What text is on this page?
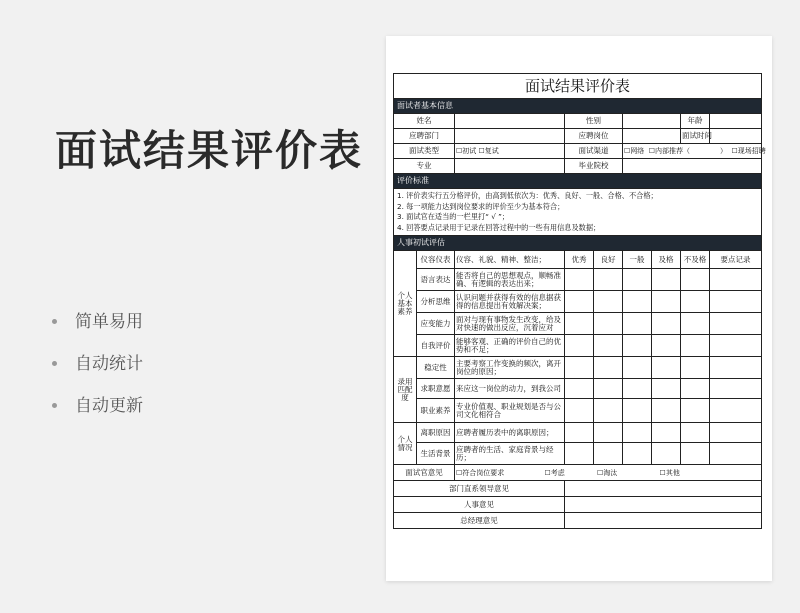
面试结果评价表
简单易用
自动统计
自动更新
面试结果评价表								
面试者基本信息								
姓名			性别				年龄	
应聘部门			应聘岗位				面试时间	
面试类型		☐初试 ☐复试	面试渠道		☐网络 ☐内部推荐（ ） ☐现场招聘			
专业			毕业院校					
评价标准								

1. 评价表实行五分格评价，由高到低依次为：优秀、良好、一般、合格、不合格；
2. 每一项能力达到岗位要求的评价至少为基本符合；
3. 面试官在适当的一栏里打“ √ ”；
4. 回答要点记录用于记录在回答过程中的一些有用信息及数据；								

人事初试评估								
个人基本素养	仪容仪表	仪容、礼貌、精神、整洁；	优秀	良好	一般	及格	不及格	要点记录
	语言表达	能否将自己的思想观点，顺畅准确、有逻辑的表达出来；						
	分析思维	认识问题并获得有效的信息据获得的信息提出有效解决案；						
	应变能力	面对与现有事物发生改变，给及对快速的做出反应，沉着应对						
	自我评价	能够客观、正确的评价自己的优势和不足；						
录用匹配度	稳定性	主要考察工作变换的频次，离开岗位的原因；						
	求职意愿	来应这一岗位的动力，到我公司						
	职业素养	专业价值观、职业规划是否与公司文化相符合						
个人情况	离职原因	应聘者履历表中的离职原因；						
	生活背景	应聘者的生活、家庭背景与经历；						
面试官意见		☐符合岗位要求 ☐考虑 ☐淘汰 ☐其他						
部门直系领导意见								
人事意见								
总经理意见								
